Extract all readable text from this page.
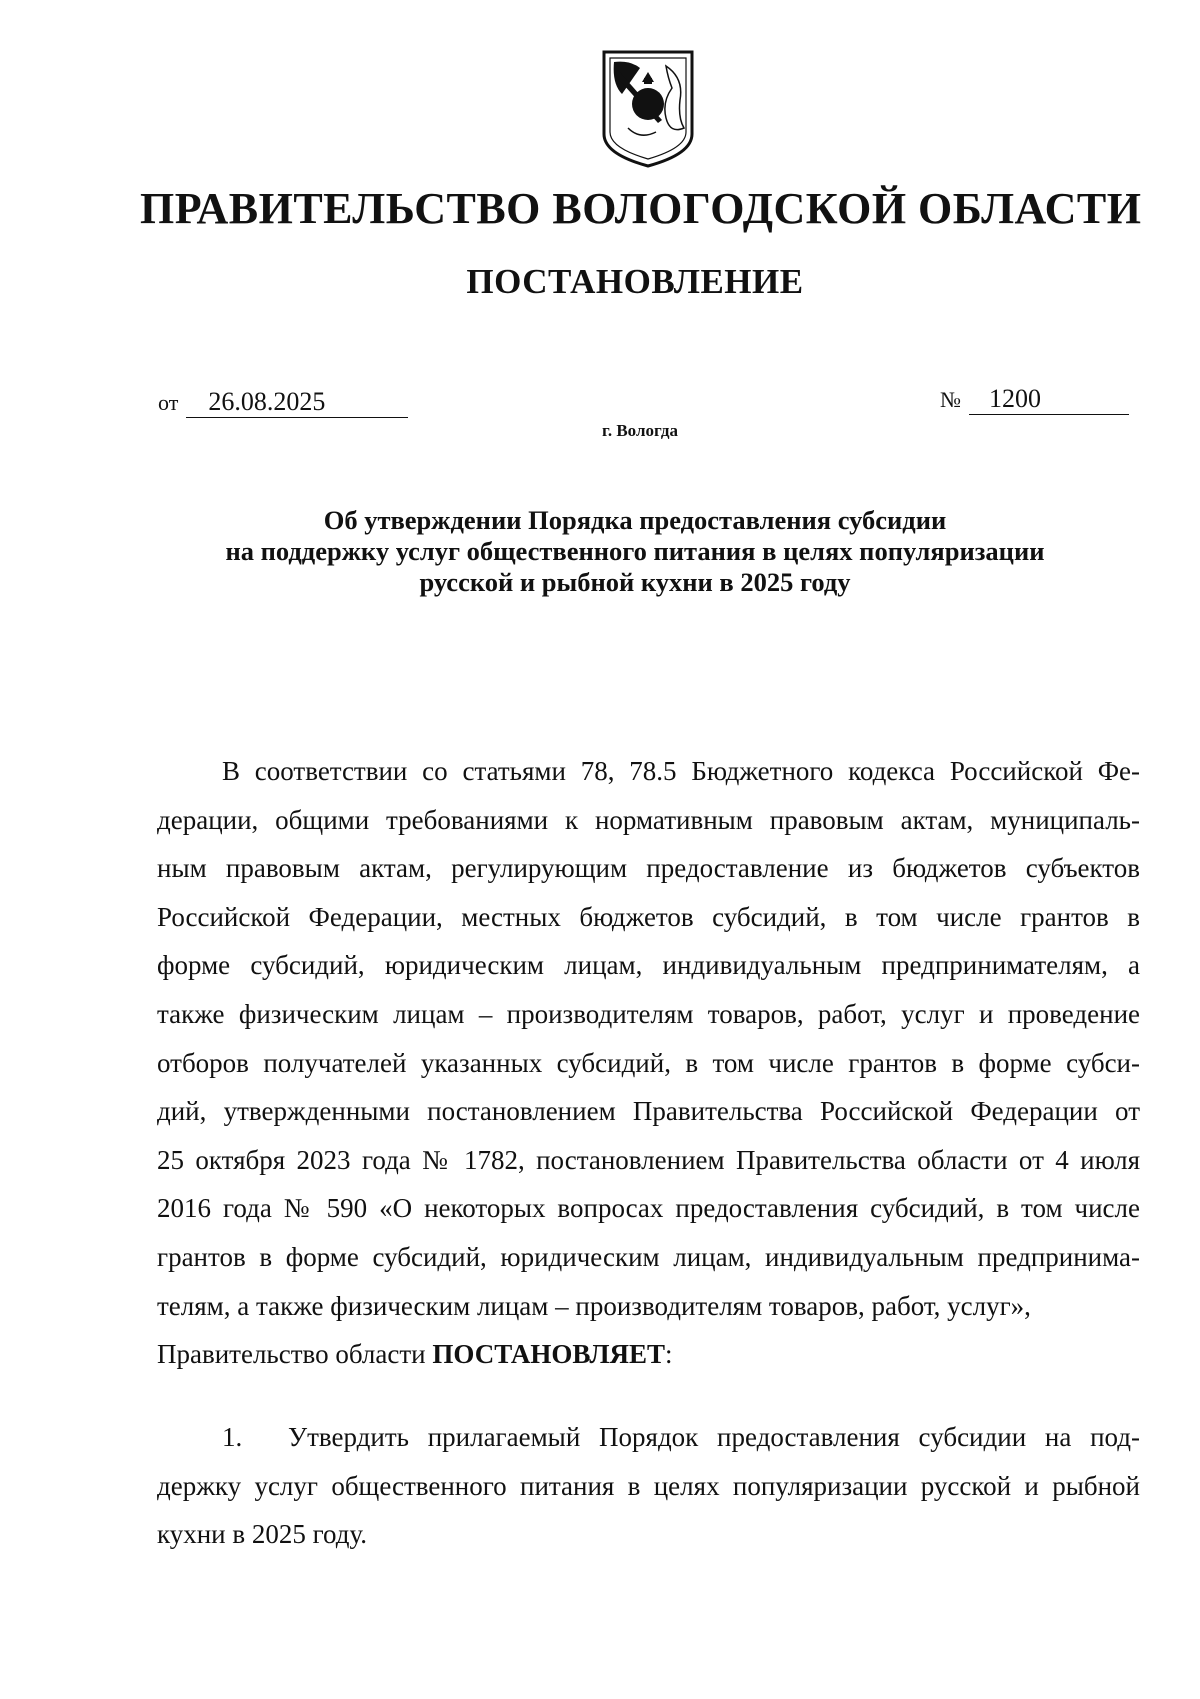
ПРАВИТЕЛЬСТВО ВОЛОГОДСКОЙ ОБЛАСТИ
ПОСТАНОВЛЕНИЕ
от 26.08.2025	№ 1200
г. Вологда
Об утверждении Порядка предоставления субсидии
на поддержку услуг общественного питания в целях популяризации
русской и рыбной кухни в 2025 году
В соответствии со статьями 78, 78.5 Бюджетного кодекса Российской Фе-
дерации, общими требованиями к нормативным правовым актам, муниципаль-
ным правовым актам, регулирующим предоставление из бюджетов субъектов
Российской Федерации, местных бюджетов субсидий, в том числе грантов в
форме субсидий, юридическим лицам, индивидуальным предпринимателям, а
также физическим лицам – производителям товаров, работ, услуг и проведение
отборов получателей указанных субсидий, в том числе грантов в форме субси-
дий, утвержденными постановлением Правительства Российской Федерации от
25 октября 2023 года № 1782, постановлением Правительства области от 4 июля
2016 года № 590 «О некоторых вопросах предоставления субсидий, в том числе
грантов в форме субсидий, юридическим лицам, индивидуальным предпринима-
телям, а также физическим лицам – производителям товаров, работ, услуг»,
Правительство области ПОСТАНОВЛЯЕТ:
1. Утвердить прилагаемый Порядок предоставления субсидии на под-
держку услуг общественного питания в целях популяризации русской и рыбной
кухни в 2025 году.
